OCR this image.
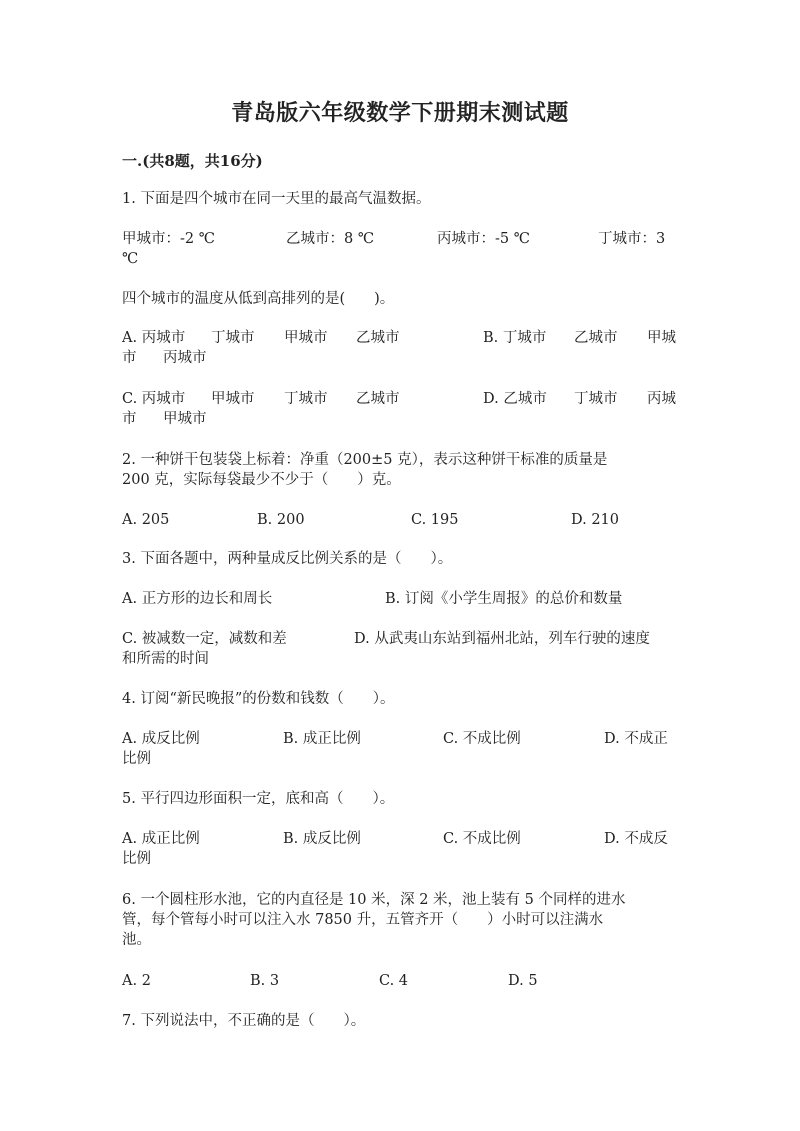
青岛版六年级数学下册期末测试题
一.(共8题，共16分)
1. 下面是四个城市在同一天里的最高气温数据。
甲城市：-2 ℃	乙城市：8 ℃	丙城市：-5 ℃	丁城市：3
℃
四个城市的温度从低到高排列的是(　　)。
A. 丙城市 丁城市 甲城市 乙城市	B. 丁城市 乙城市 甲城
市 丙城市
C. 丙城市 甲城市 丁城市 乙城市	D. 乙城市 丁城市 丙城
市 甲城市
2. 一种饼干包装袋上标着：净重（200±5 克），表示这种饼干标准的质量是
200 克，实际每袋最少不少于（　　）克。
A. 205	B. 200	C. 195	D. 210
3. 下面各题中，两种量成反比例关系的是（　　）。
A. 正方形的边长和周长	B. 订阅《小学生周报》的总价和数量
C. 被减数一定，减数和差	D. 从武夷山东站到福州北站，列车行驶的速度
和所需的时间
4. 订阅“新民晚报”的份数和钱数（　　）。
A. 成反比例	B. 成正比例	C. 不成比例	D. 不成正
比例
5. 平行四边形面积一定，底和高（　　）。
A. 成正比例	B. 成反比例	C. 不成比例	D. 不成反
比例
6. 一个圆柱形水池，它的内直径是 10 米，深 2 米，池上装有 5 个同样的进水
管，每个管每小时可以注入水 7850 升，五管齐开（　　）小时可以注满水
池。
A. 2	B. 3	C. 4	D. 5
7. 下列说法中，不正确的是（　　）。
